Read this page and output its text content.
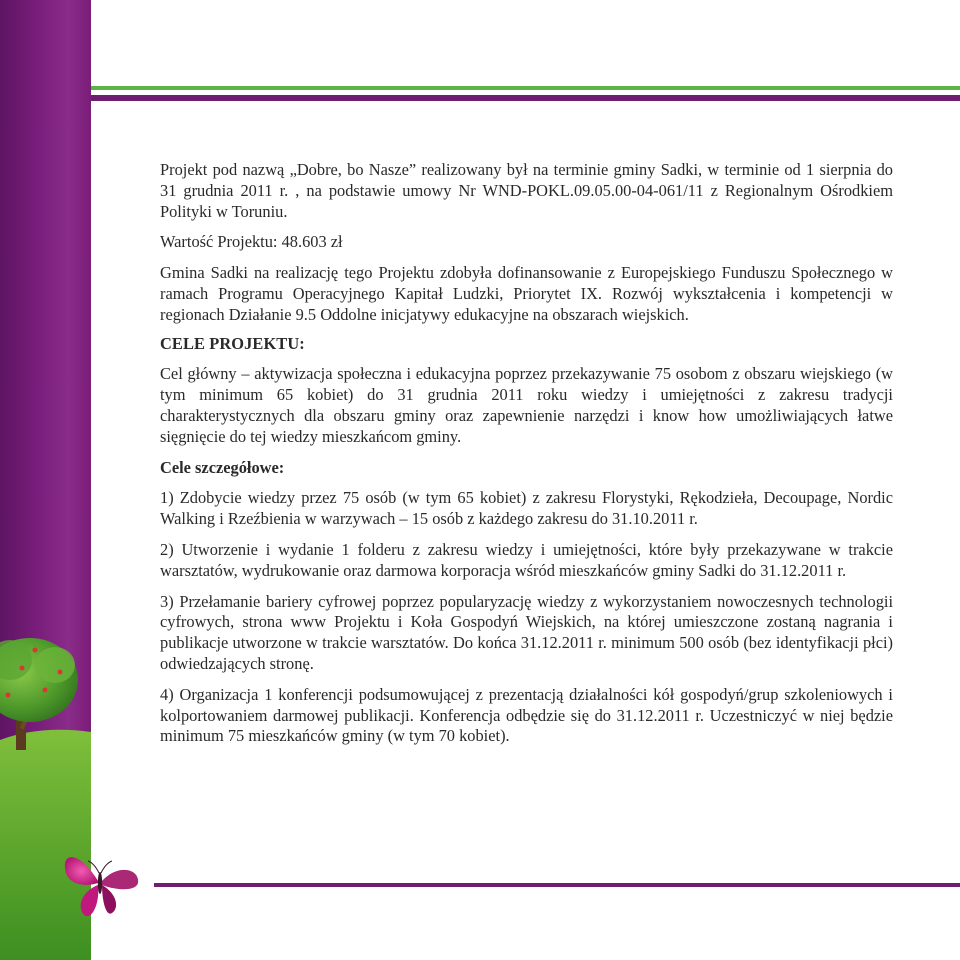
Projekt pod nazwą „Dobre, bo Nasze” realizowany był na terminie gminy Sadki, w terminie od 1 sierpnia do 31 grudnia 2011 r. , na podstawie umowy Nr WND-POKL.09.05.00-04-061/11 z Regionalnym Ośrodkiem Polityki w Toruniu.

Wartość Projektu: 48.603 zł

Gmina Sadki na realizację tego Projektu zdobyła dofinansowanie z Europejskiego Funduszu Społecznego w ramach Programu Operacyjnego Kapitał Ludzki, Priorytet IX. Rozwój wykształcenia i kompetencji w regionach Działanie 9.5 Oddolne inicjatywy edukacyjne na obszarach wiejskich.

CELE PROJEKTU:

Cel główny – aktywizacja społeczna i edukacyjna poprzez przekazywanie 75 osobom z obszaru wiejskiego (w tym minimum 65 kobiet) do 31 grudnia 2011 roku wiedzy i umiejętności z zakresu tradycji charakterystycznych dla obszaru gminy oraz zapewnienie narzędzi i know how umożliwiających łatwe sięgnięcie do tej wiedzy mieszkańcom gminy.

Cele szczegółowe:

1) Zdobycie wiedzy przez 75 osób (w tym 65 kobiet) z zakresu Florystyki, Rękodzieła, Decoupage, Nordic Walking i Rzeźbienia w warzywach – 15 osób z każdego zakresu do 31.10.2011 r.

2) Utworzenie i wydanie 1 folderu z zakresu wiedzy i umiejętności, które były przekazywane w trakcie warsztatów, wydrukowanie oraz darmowa korporacja wśród mieszkańców gminy Sadki do 31.12.2011 r.

3) Przełamanie bariery cyfrowej poprzez popularyzację wiedzy z wykorzystaniem nowoczesnych technologii cyfrowych, strona www Projektu i Koła Gospodyń Wiejskich, na której umieszczone zostaną nagrania i publikacje utworzone w trakcie warsztatów. Do końca 31.12.2011 r. minimum 500 osób (bez identyfikacji płci) odwiedzających stronę.

4) Organizacja 1 konferencji podsumowującej z prezentacją działalności kół gospodyń/grup szkoleniowych i kolportowaniem darmowej publikacji. Konferencja odbędzie się do 31.12.2011 r. Uczestniczyć w niej będzie minimum 75 mieszkańców gminy (w tym 70 kobiet).
